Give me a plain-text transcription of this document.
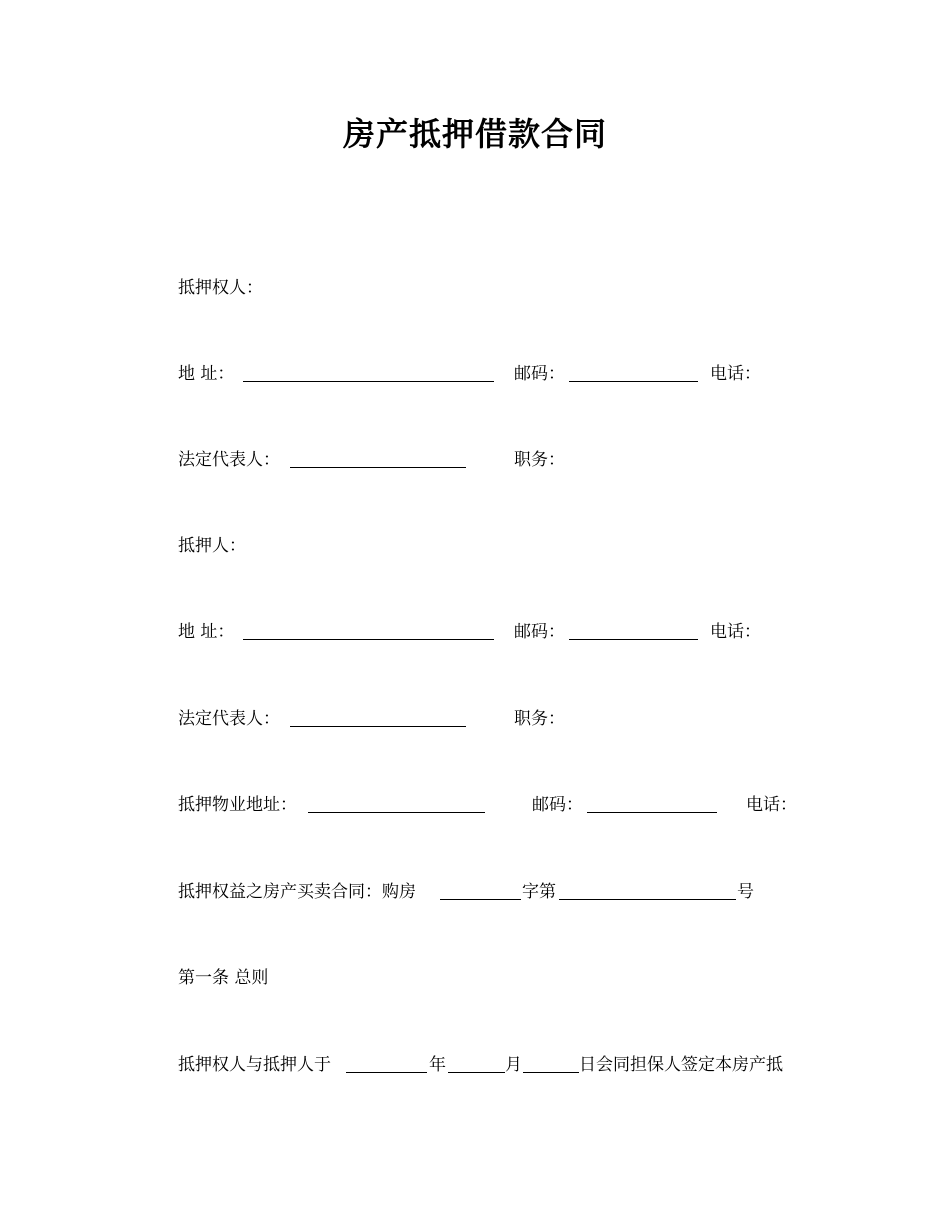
房产抵押借款合同
抵押权人：
地 址：	邮码：	电话：
法定代表人：	职务：
抵押人：
地 址：	邮码：	电话：
法定代表人：	职务：
抵押物业地址：	邮码：	电话：
抵押权益之房产买卖合同：购房	字第	号
第一条 总则
抵押权人与抵押人于	年	月	日会同担保人签定本房产抵
